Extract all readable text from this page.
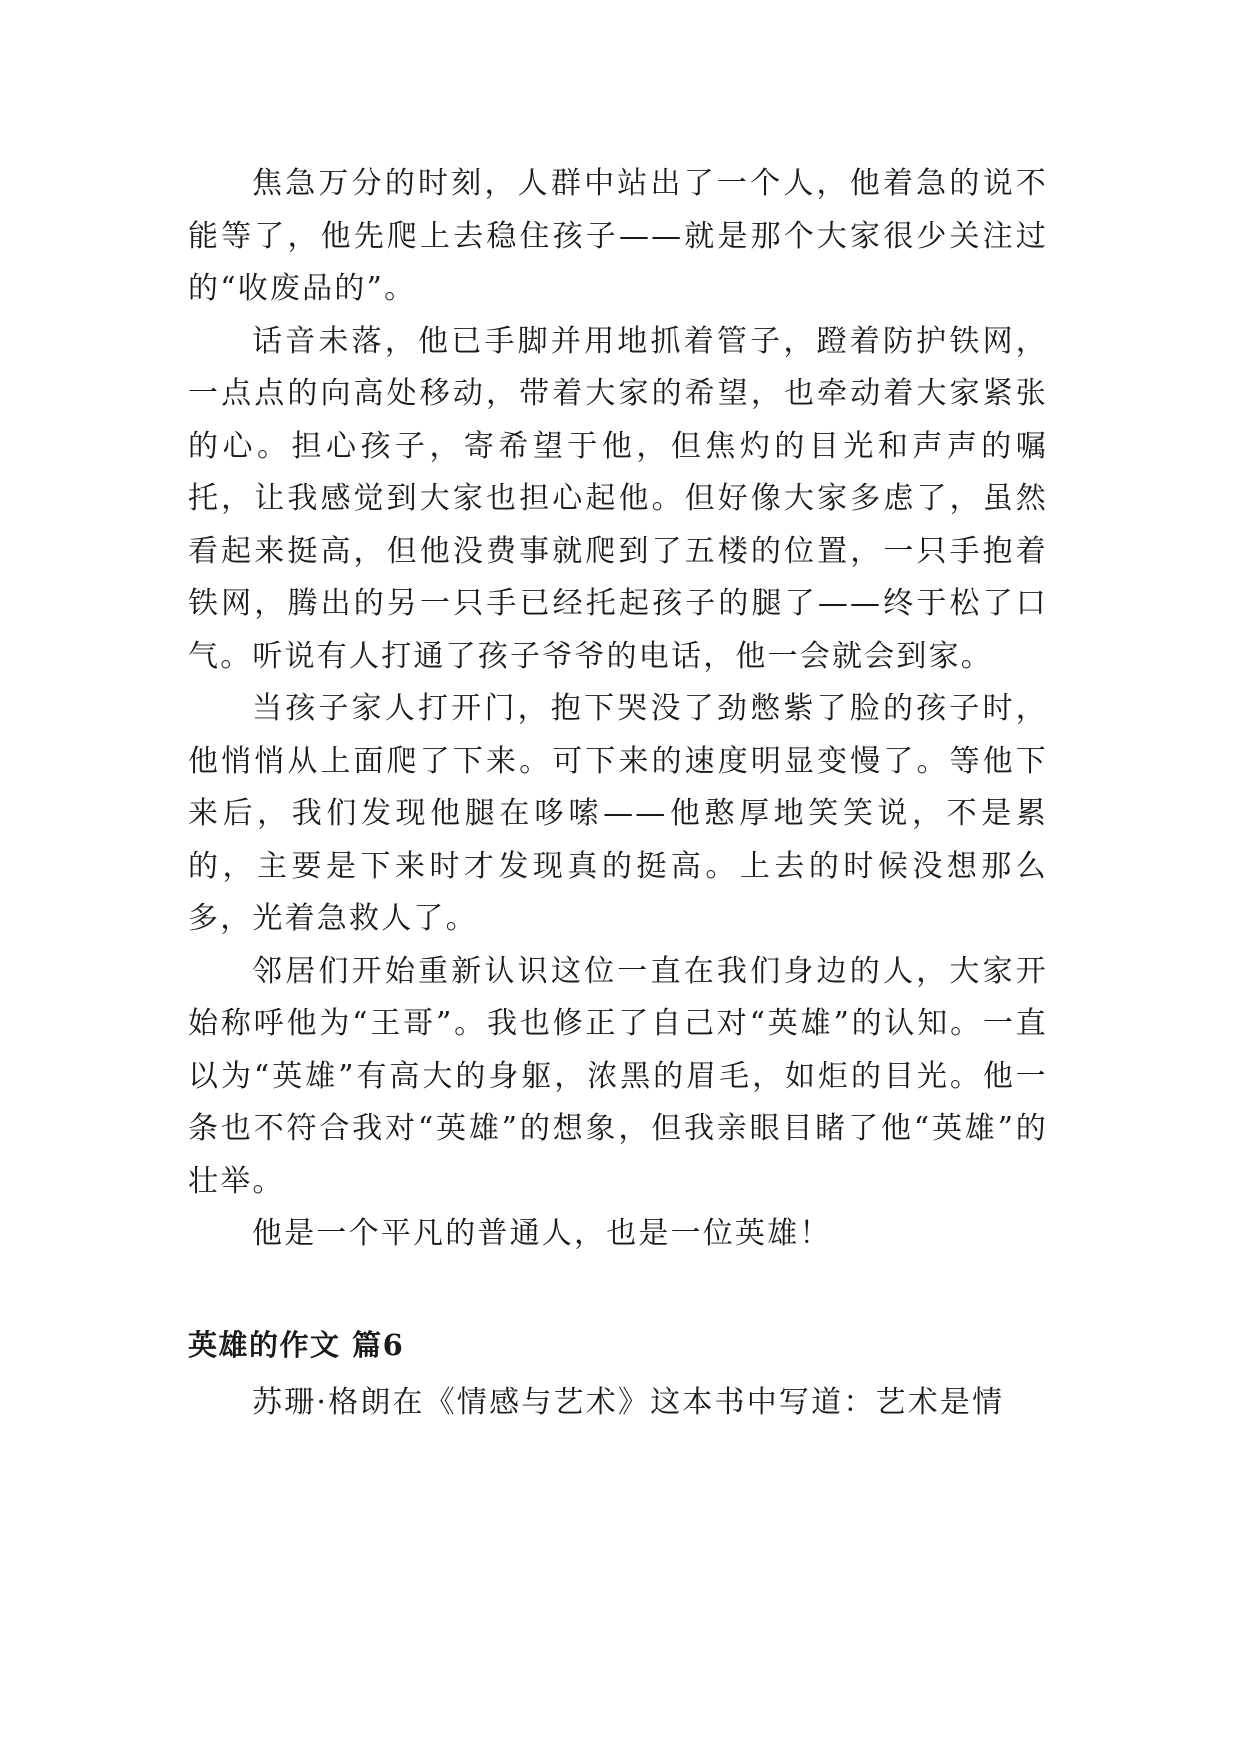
焦急万分的时刻，人群中站出了一个人，他着急的说不能等了，他先爬上去稳住孩子——就是那个大家很少关注过的“收废品的”。

话音未落，他已手脚并用地抓着管子，蹬着防护铁网，一点点的向高处移动，带着大家的希望，也牵动着大家紧张的心。担心孩子，寄希望于他，但焦灼的目光和声声的嘱托，让我感觉到大家也担心起他。但好像大家多虑了，虽然看起来挺高，但他没费事就爬到了五楼的位置，一只手抱着铁网，腾出的另一只手已经托起孩子的腿了——终于松了口气。听说有人打通了孩子爷爷的电话，他一会就会到家。

当孩子家人打开门，抱下哭没了劲憋紫了脸的孩子时，他悄悄从上面爬了下来。可下来的速度明显变慢了。等他下来后，我们发现他腿在哆嗦——他憨厚地笑笑说，不是累的，主要是下来时才发现真的挺高。上去的时候没想那么多，光着急救人了。

邻居们开始重新认识这位一直在我们身边的人，大家开始称呼他为“王哥”。我也修正了自己对“英雄”的认知。一直以为“英雄”有高大的身躯，浓黑的眉毛，如炬的目光。他一条也不符合我对“英雄”的想象，但我亲眼目睹了他“英雄”的壮举。

他是一个平凡的普通人，也是一位英雄！

英雄的作文 篇6

苏珊·格朗在《情感与艺术》这本书中写道：艺术是情
